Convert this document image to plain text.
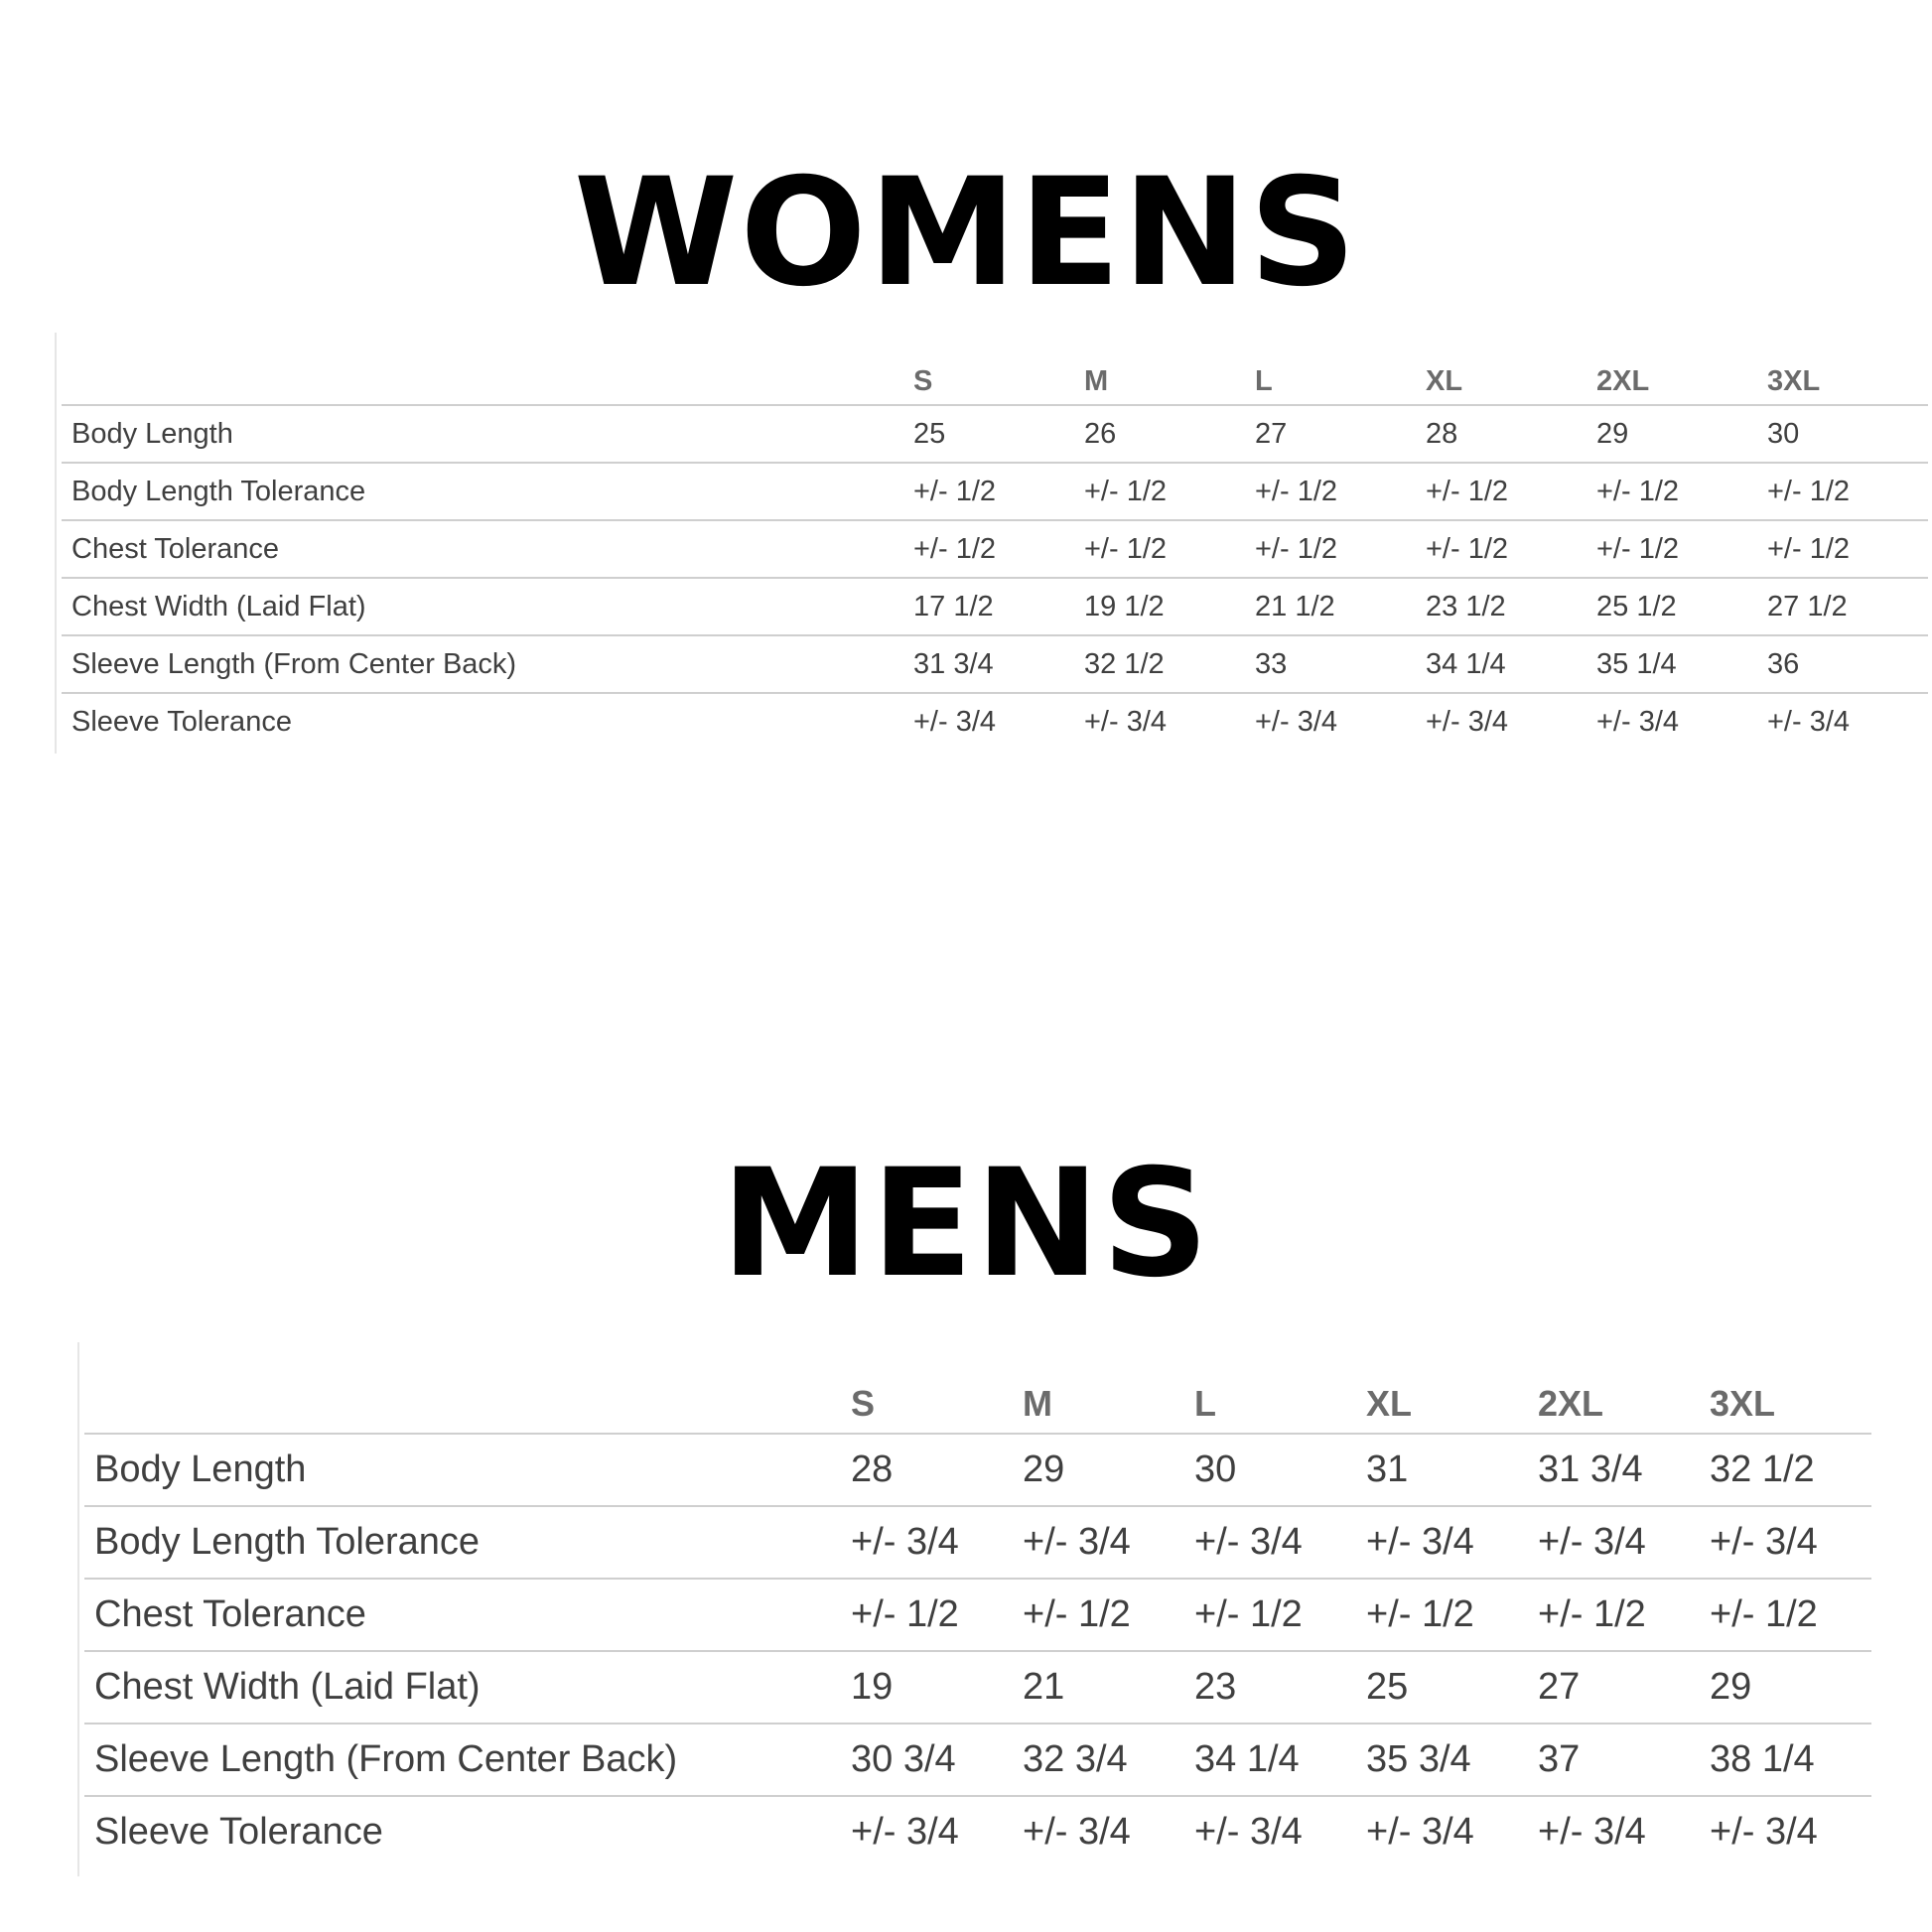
WOMENS
	S	M	L	XL	2XL	3XL
Body Length	25	26	27	28	29	30
Body Length Tolerance	+/- 1/2	+/- 1/2	+/- 1/2	+/- 1/2	+/- 1/2	+/- 1/2
Chest Tolerance	+/- 1/2	+/- 1/2	+/- 1/2	+/- 1/2	+/- 1/2	+/- 1/2
Chest Width (Laid Flat)	17 1/2	19 1/2	21 1/2	23 1/2	25 1/2	27 1/2
Sleeve Length (From Center Back)	31 3/4	32 1/2	33	34 1/4	35 1/4	36
Sleeve Tolerance	+/- 3/4	+/- 3/4	+/- 3/4	+/- 3/4	+/- 3/4	+/- 3/4
MENS
	S	M	L	XL	2XL	3XL
Body Length	28	29	30	31	31 3/4	32 1/2
Body Length Tolerance	+/- 3/4	+/- 3/4	+/- 3/4	+/- 3/4	+/- 3/4	+/- 3/4
Chest Tolerance	+/- 1/2	+/- 1/2	+/- 1/2	+/- 1/2	+/- 1/2	+/- 1/2
Chest Width (Laid Flat)	19	21	23	25	27	29
Sleeve Length (From Center Back)	30 3/4	32 3/4	34 1/4	35 3/4	37	38 1/4
Sleeve Tolerance	+/- 3/4	+/- 3/4	+/- 3/4	+/- 3/4	+/- 3/4	+/- 3/4
